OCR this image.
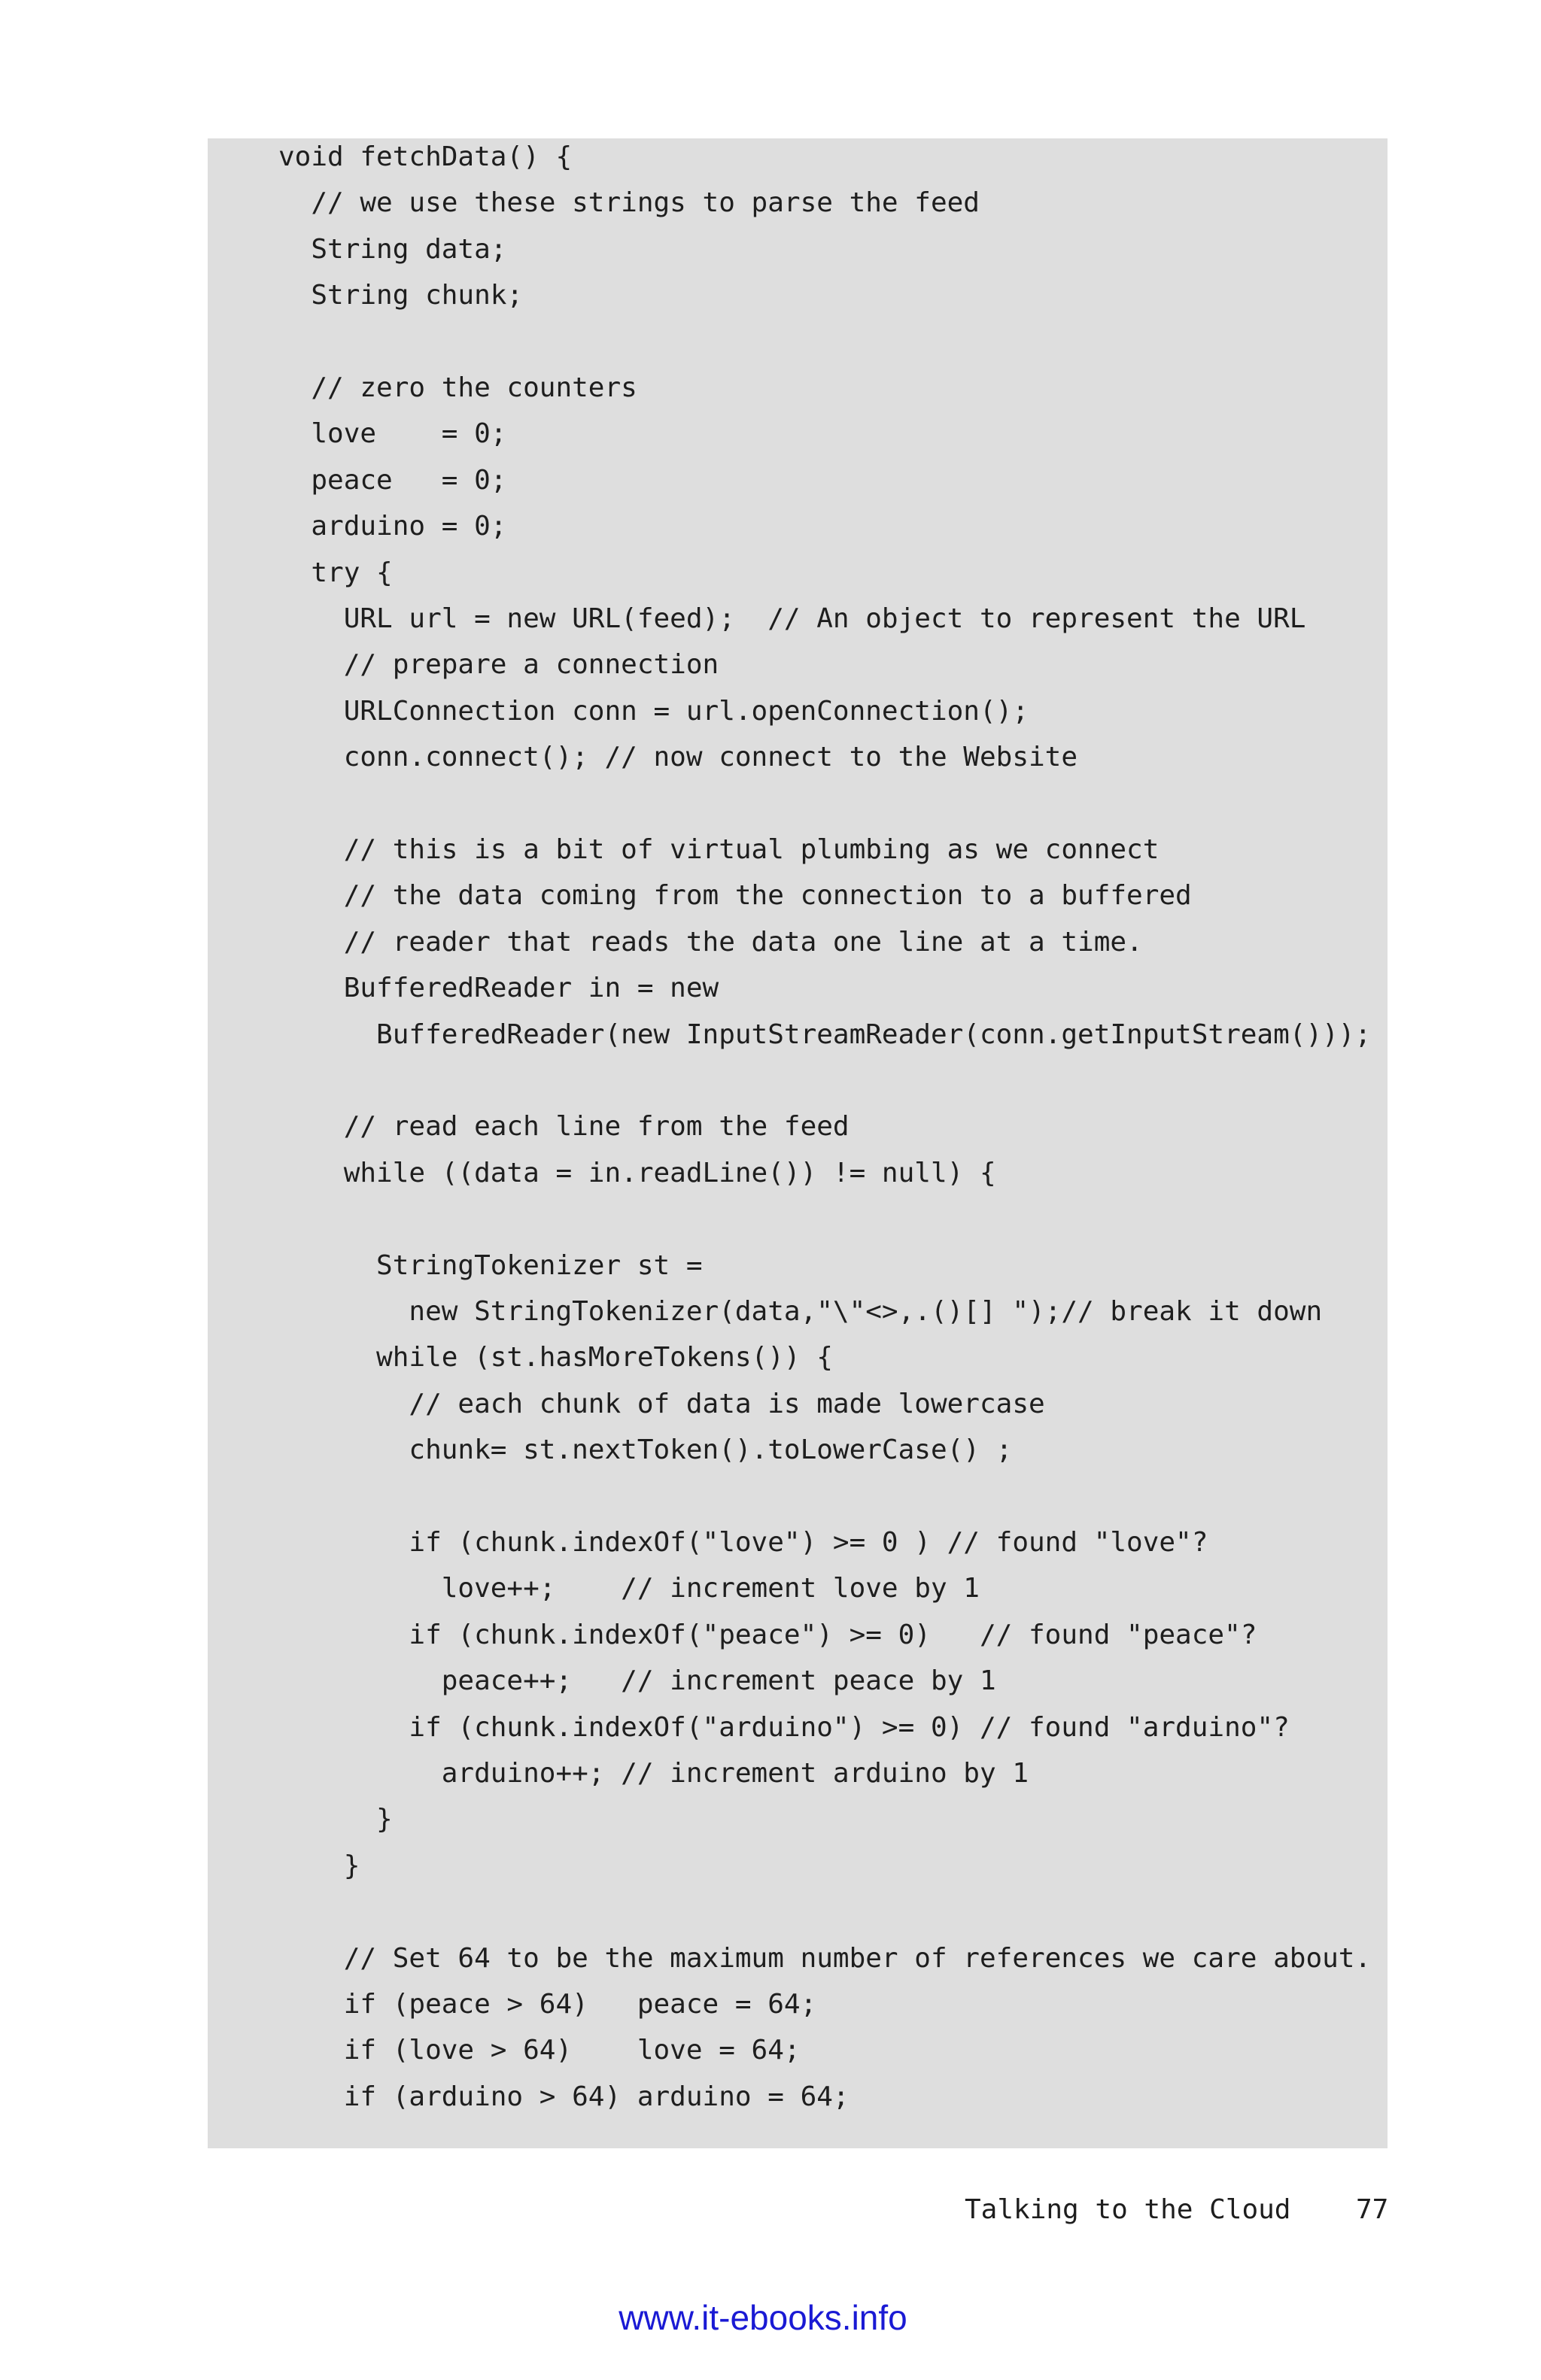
void fetchData() {
// we use these strings to parse the feed
String data;
String chunk;
// zero the counters
love    = 0;
peace   = 0;
arduino = 0;
try {
URL url = new URL(feed);  // An object to represent the URL
// prepare a connection
URLConnection conn = url.openConnection();
conn.connect(); // now connect to the Website
// this is a bit of virtual plumbing as we connect
// the data coming from the connection to a buffered
// reader that reads the data one line at a time.
BufferedReader in = new
BufferedReader(new InputStreamReader(conn.getInputStream()));
// read each line from the feed
while ((data = in.readLine()) != null) {
StringTokenizer st =
new StringTokenizer(data,"\"<>,.()[] ");// break it down
while (st.hasMoreTokens()) {
// each chunk of data is made lowercase
chunk= st.nextToken().toLowerCase() ;
if (chunk.indexOf("love") >= 0 ) // found "love"?
love++;    // increment love by 1
if (chunk.indexOf("peace") >= 0)   // found "peace"?
peace++;   // increment peace by 1
if (chunk.indexOf("arduino") >= 0) // found "arduino"?
arduino++; // increment arduino by 1
}
}
// Set 64 to be the maximum number of references we care about.
if (peace > 64)   peace = 64;
if (love > 64)    love = 64;
if (arduino > 64) arduino = 64;
Talking to the Cloud 77
www.it-ebooks.info
